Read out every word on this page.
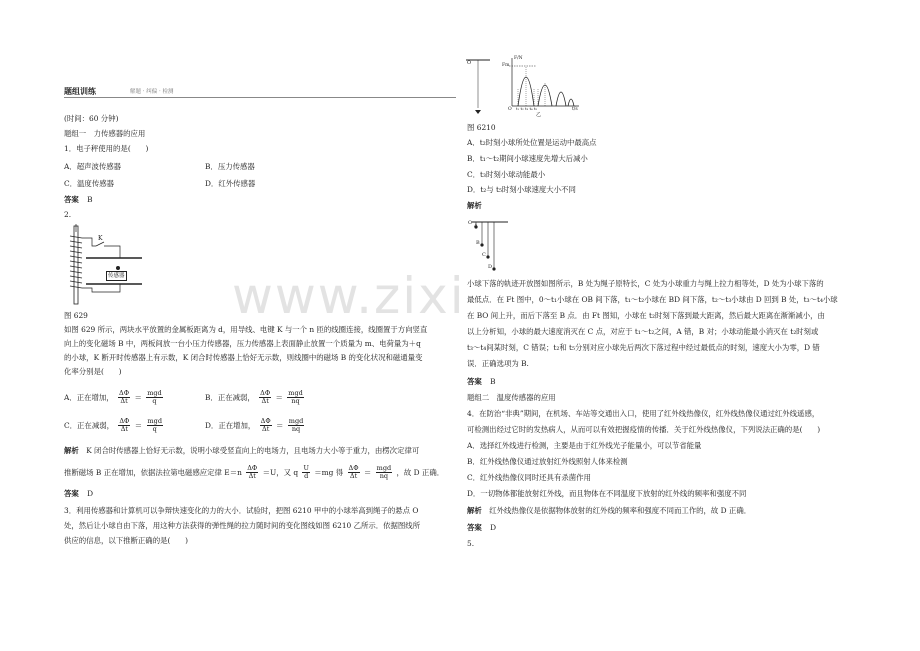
www.zixi
题组训练	解题 · 纠偏 · 检测
(时间：60 分钟)
题组一　力传感器的应用
1．电子秤使用的是(　　)
A．超声波传感器	B．压力传感器
C．温度传感器	D．红外传感器
答案 B
2.
K
传感器
图 629
如图 629 所示，两块水平放置的金属板距离为 d，用导线、电键 K 与一个 n 匝的线圈连接，线圈置于方向竖直
向上的变化磁场 B 中，两板间放一台小压力传感器，压力传感器上表面静止放置一个质量为 m、电荷量为＋q
的小球，K 断开时传感器上有示数，K 闭合时传感器上恰好无示数，则线圈中的磁场 B 的变化状况和磁通量变
化率分别是(　　)
A．正在增加， $\frac{\Delta\Phi}{\Delta t} = \frac{\text{mgd}}{q}$	B．正在减弱， $\frac{\Delta\Phi}{\Delta t} = \frac{\text{mgd}}{nq}$
C．正在减弱， $\frac{\Delta\Phi}{\Delta t} = \frac{\text{mgd}}{q}$	D．正在增加， $\frac{\Delta\Phi}{\Delta t} = \frac{\text{mgd}}{nq}$
解析　K 闭合时传感器上恰好无示数，说明小球受竖直向上的电场力，且电场力大小等于重力，由楞次定律可
推断磁场 B 正在增加，依据法拉第电磁感应定律 $E=n \frac{\Delta\Phi}{\Delta t} =U$，又 q $\frac{U}{d} =mg$ 得 $\frac{\Delta\Phi}{\Delta t} = \frac{\text{mgd}}{nq}$ ，故 D 正确．
答案 D
3．利用传感器和计算机可以争辩快速变化的力的大小．试验时，把图 6210 甲中的小球举高到绳子的悬点 O
处，然后让小球自由下落，用这种方法获得的弹性绳的拉力随时间的变化图线如图 6210 乙所示．依据图线所
供应的信息，以下推断正确的是(　　)
O
F/N
Fm
O t₁ t₂ t₃ t₄ t₅	t/s
乙
图 6210
A．t₂时刻小球所处位置是运动中最高点
B．t₁～t₂期间小球速度先增大后减小
C．t₃时刻小球动能最小
D．t₂与 t₅时刻小球速度大小不同
解析
O A
B
C
D
小球下落的轨迹开放图如图所示，B 处为绳子原特长，C 处为小球重力与绳上拉力相等处，D 处为小球下落的
最低点．在 Ft 图中，0～t₁小球在 OB 间下落，t₁～t₂小球在 BD 间下落，t₂～t₃小球由 D 回到 B 处，t₃～t₄小球
在 BO 间上升，而后下落至 B 点．由 Ft 图知，小球在 t₂时刻下落到最大距离，然后最大距离在渐渐减小，由
以上分析知，小球的最大速度消灭在 C 点，对应于 t₁～t₂之间，A 错，B 对；小球动能最小消灭在 t₂时刻或
t₃～t₄间某时刻，C 错误；t₂和 t₅分别对应小球先后两次下落过程中经过最低点的时刻，速度大小为零，D 错
误．正确选项为 B.
答案 B
题组二　温度传感器的应用
4．在防治“非典”期间，在机场、车站等交通出入口，使用了红外线热像仪，红外线热像仪通过红外线遥感，
可检测出经过它时的发热病人，从而可以有效把握疫情的传播．关于红外线热像仪，下列说法正确的是(　　)
A．选择红外线进行检测，主要是由于红外线光子能量小，可以节省能量
B．红外线热像仪通过放射红外线照射人体来检测
C．红外线热像仪同时还具有杀菌作用
D．一切物体都能放射红外线，而且物体在不同温度下放射的红外线的频率和强度不同
解析　红外线热像仪是依据物体放射的红外线的频率和强度不同而工作的，故 D 正确．
答案 D
5.
